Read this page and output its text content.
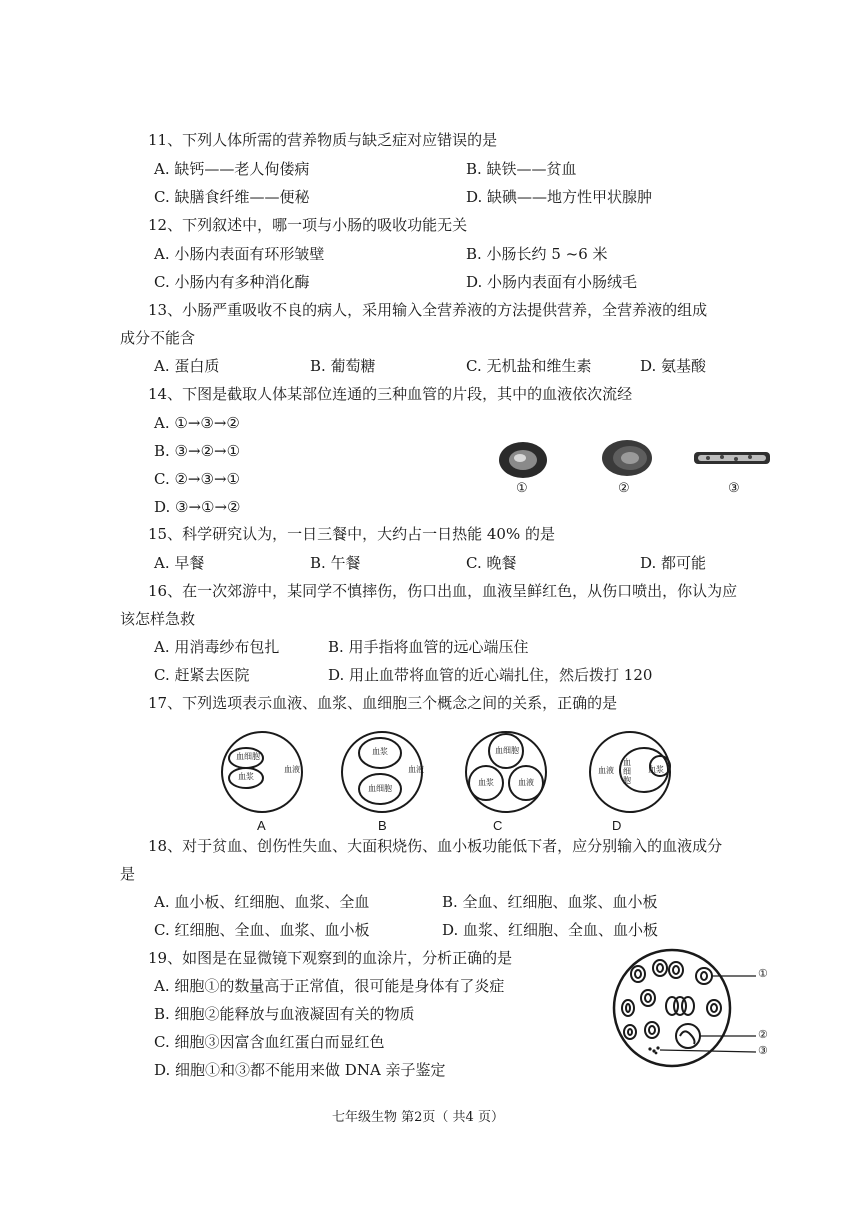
11、下列人体所需的营养物质与缺乏症对应错误的是
A. 缺钙——老人佝偻病	B. 缺铁——贫血
C. 缺膳食纤维——便秘	D. 缺碘——地方性甲状腺肿
12、下列叙述中，哪一项与小肠的吸收功能无关
A. 小肠内表面有环形皱壁	B. 小肠长约 5 ~6 米
C. 小肠内有多种消化酶	D. 小肠内表面有小肠绒毛
13、小肠严重吸收不良的病人，采用输入全营养液的方法提供营养，全营养液的组成
成分不能含
A. 蛋白质	B. 葡萄糖	C. 无机盐和维生素	D. 氨基酸
14、下图是截取人体某部位连通的三种血管的片段，其中的血液依次流经
A. ①→③→②
B. ③→②→①
C. ②→③→①
D. ③→①→②
①	②	③
15、科学研究认为，一日三餐中，大约占一日热能 40% 的是
A. 早餐	B. 午餐	C. 晚餐	D. 都可能
16、在一次郊游中，某同学不慎摔伤，伤口出血，血液呈鲜红色，从伤口喷出，你认为应
该怎样急救
A. 用消毒纱布包扎	B. 用手指将血管的远心端压住
C. 赶紧去医院	D. 用止血带将血管的近心端扎住，然后拨打 120
17、下列选项表示血液、血浆、血细胞三个概念之间的关系，正确的是
血细胞
血浆
血液
血浆
血液
血细胞
血细胞
血浆	血液
血液
血细胞
血浆
A	B	C	D
18、对于贫血、创伤性失血、大面积烧伤、血小板功能低下者，应分别输入的血液成分
是
A. 血小板、红细胞、血浆、全血	B. 全血、红细胞、血浆、血小板
C. 红细胞、全血、血浆、血小板	D. 血浆、红细胞、全血、血小板
19、如图是在显微镜下观察到的血涂片，分析正确的是
A. 细胞①的数量高于正常值，很可能是身体有了炎症
B. 细胞②能释放与血液凝固有关的物质
C. 细胞③因富含血红蛋白而显红色
D. 细胞①和③都不能用来做 DNA 亲子鉴定
①
②
③
七年级生物 第2页（ 共4 页）
